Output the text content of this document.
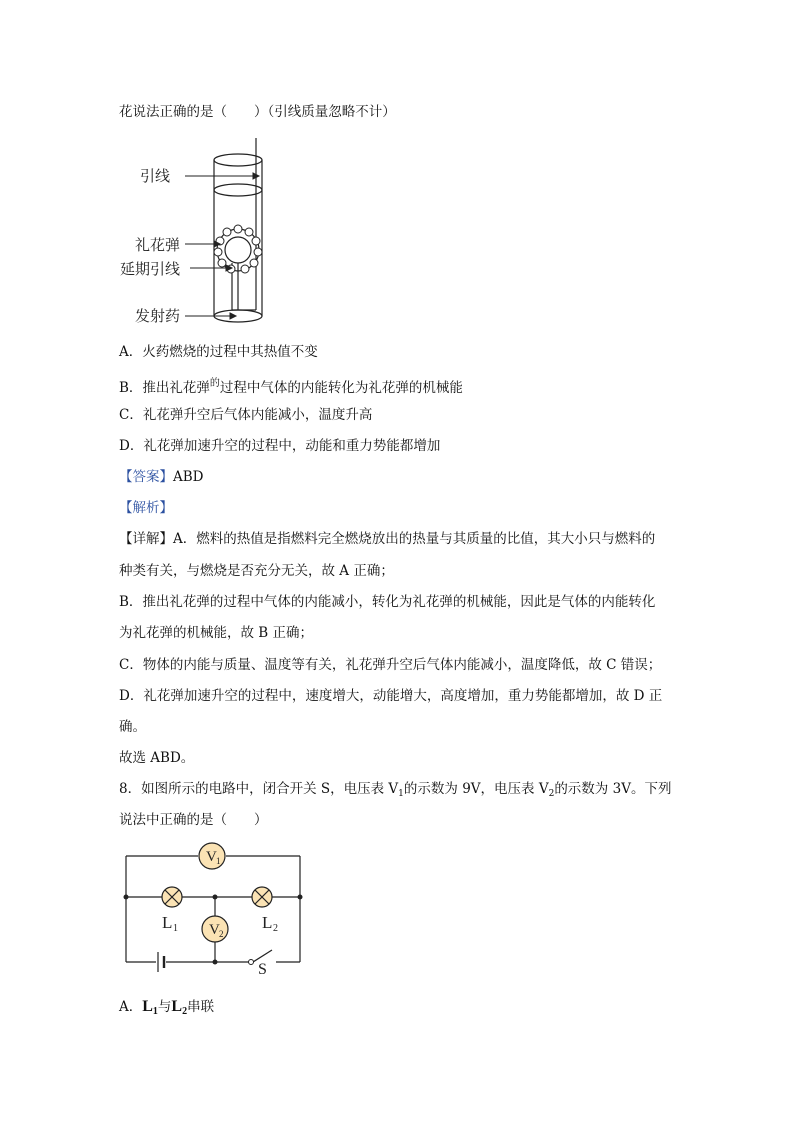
花说法正确的是（　　）（引线质量忽略不计）
引线
礼花弹
延期引线
发射药
A．火药燃烧的过程中其热值不变
B．推出礼花弹$^的$过程中气体的内能转化为礼花弹的机械能
C．礼花弹升空后气体内能减小，温度升高
D．礼花弹加速升空的过程中，动能和重力势能都增加
【答案】ABD
【解析】
【详解】A．燃料的热值是指燃料完全燃烧放出的热量与其质量的比值，其大小只与燃料的
种类有关，与燃烧是否充分无关，故 A 正确；
B．推出礼花弹的过程中气体的内能减小，转化为礼花弹的机械能，因此是气体的内能转化
为礼花弹的机械能，故 B 正确；
C．物体的内能与质量、温度等有关，礼花弹升空后气体内能减小，温度降低，故 C 错误；
D．礼花弹加速升空的过程中，速度增大，动能增大，高度增加，重力势能都增加，故 D 正
确。
故选 ABD。
8．如图所示的电路中，闭合开关 S，电压表 $V_1$的示数为 9V，电压表 $V_2$的示数为 3V。下列
说法中正确的是（　　）
V 1
V 2
L 1	L 2
S
A．$L_1$与$L_2$串联
